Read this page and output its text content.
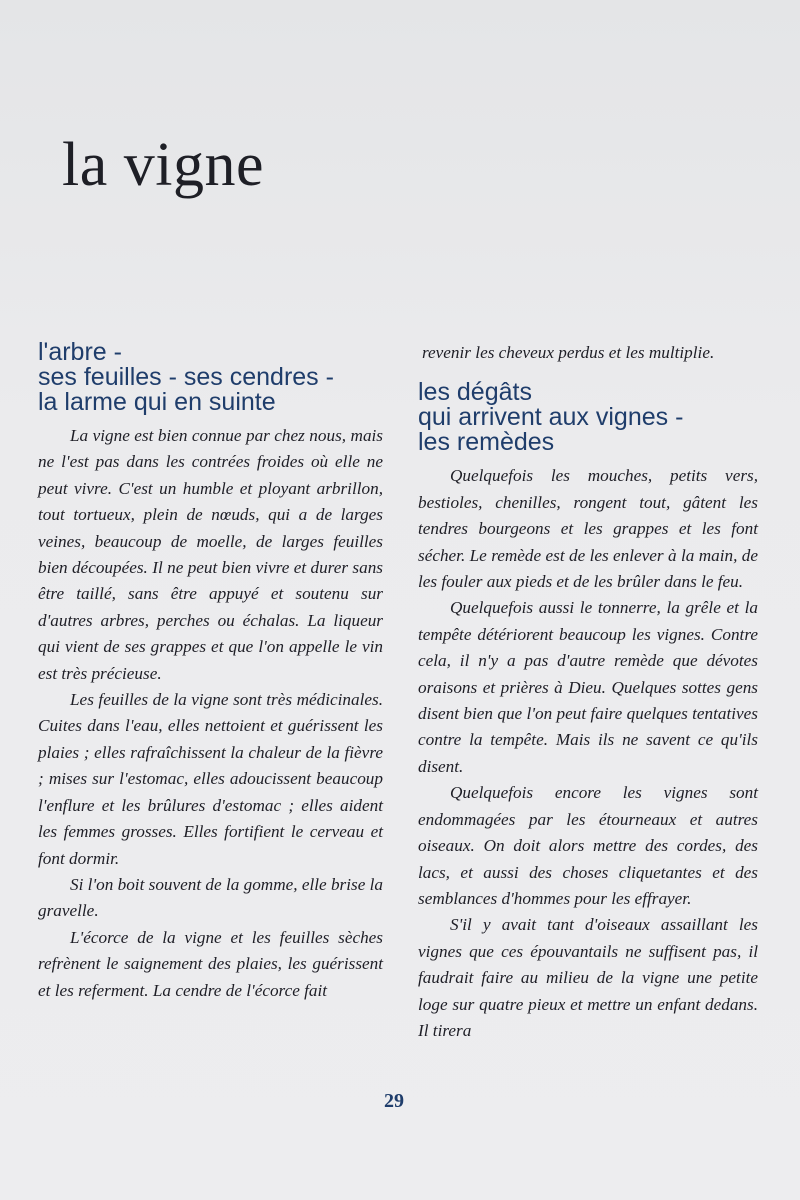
la vigne
l'arbre -
ses feuilles - ses cendres -
la larme qui en suinte

La vigne est bien connue par chez nous, mais ne l'est pas dans les contrées froides où elle ne peut vivre. C'est un humble et ployant arbrillon, tout tortueux, plein de nœuds, qui a de larges veines, beaucoup de moelle, de larges feuilles bien découpées. Il ne peut bien vivre et durer sans être taillé, sans être appuyé et soutenu sur d'autres arbres, perches ou échalas. La liqueur qui vient de ses grappes et que l'on appelle le vin est très précieuse.

Les feuilles de la vigne sont très médicinales. Cuites dans l'eau, elles nettoient et guérissent les plaies ; elles rafraîchissent la chaleur de la fièvre ; mises sur l'estomac, elles adoucissent beaucoup l'enflure et les brûlures d'estomac ; elles aident les femmes grosses. Elles fortifient le cerveau et font dormir.

Si l'on boit souvent de la gomme, elle brise la gravelle.

L'écorce de la vigne et les feuilles sèches refrènent le saignement des plaies, les guérissent et les referment. La cendre de l'écorce fait

revenir les cheveux perdus et les multiplie.

les dégâts
qui arrivent aux vignes -
les remèdes

Quelquefois les mouches, petits vers, bestioles, chenilles, rongent tout, gâtent les tendres bourgeons et les grappes et les font sécher. Le remède est de les enlever à la main, de les fouler aux pieds et de les brûler dans le feu.

Quelquefois aussi le tonnerre, la grêle et la tempête détériorent beaucoup les vignes. Contre cela, il n'y a pas d'autre remède que dévotes oraisons et prières à Dieu. Quelques sottes gens disent bien que l'on peut faire quelques tentatives contre la tempête. Mais ils ne savent ce qu'ils disent.

Quelquefois encore les vignes sont endommagées par les étourneaux et autres oiseaux. On doit alors mettre des cordes, des lacs, et aussi des choses cliquetantes et des semblances d'hommes pour les effrayer.

S'il y avait tant d'oiseaux assaillant les vignes que ces épouvantails ne suffisent pas, il faudrait faire au milieu de la vigne une petite loge sur quatre pieux et mettre un enfant dedans. Il tirera

29
